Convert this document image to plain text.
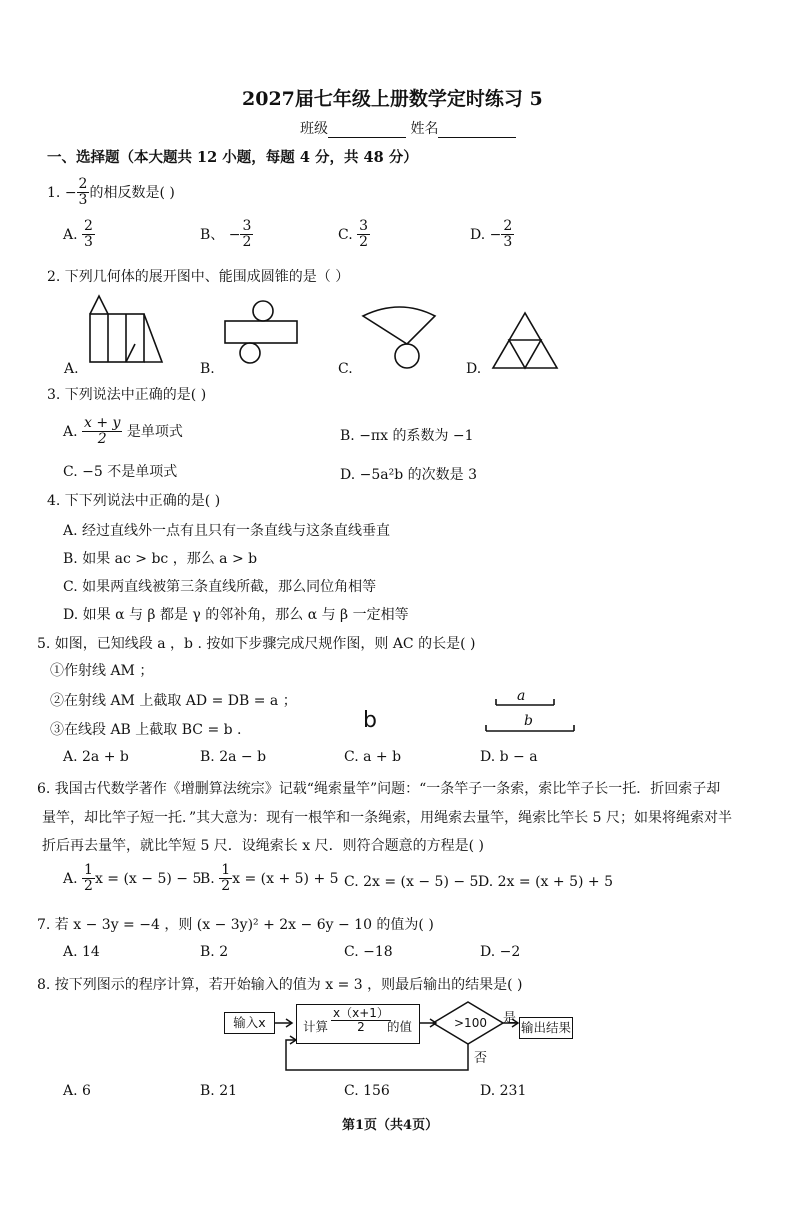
2027届七年级上册数学定时练习 5
班级	姓名
一、选择题（本大题共 12 小题，每题 4 分，共 48 分）
1. − $\frac{2}{3}$ 的相反数是( )
A. $\frac{2}{3}$	B、 − $\frac{3}{2}$	C. $\frac{3}{2}$	D. − $\frac{2}{3}$
2. 下列几何体的展开图中、能围成圆锥的是（ ）
A.	B.	C.	D.
3. 下列说法中正确的是( )
A. $\frac{x + y}{2}$ 是单项式	B. −πx 的系数为 −1
C. −5 不是单项式	D. −5a²b 的次数是 3
4. 下下列说法中正确的是( )
A. 经过直线外一点有且只有一条直线与这条直线垂直
B. 如果 ac > bc ，那么 a > b
C. 如果两直线被第三条直线所截，那么同位角相等
D. 如果 α 与 β 都是 γ 的邻补角，那么 α 与 β 一定相等
5. 如图，已知线段 a ，b . 按如下步骤完成尺规作图，则 AC 的长是( )
①作射线 AM ；
②在射线 AM 上截取 AD = DB = a ；
③在线段 AB 上截取 BC = b .	b
a
b
A. 2a + b	B. 2a − b	C. a + b	D. b − a
6. 我国古代数学著作《增删算法统宗》记载“绳索量竿”问题：“一条竿子一条索，索比竿子长一托．折回索子却
量竿，却比竿子短一托．”其大意为：现有一根竿和一条绳索，用绳索去量竿，绳索比竿长 5 尺；如果将绳索对半
折后再去量竿，就比竿短 5 尺．设绳索长 x 尺．则符合题意的方程是( )
A. $\frac{1}{2}$ x = (x − 5) − 5
B. $\frac{1}{2}$ x = (x + 5) + 5 C. 2x = (x − 5) − 5 D. 2x = (x + 5) + 5
7. 若 x − 3y = −4 ，则 (x − 3y)² + 2x − 6y − 10 的值为( )
A. 14	B. 2	C. −18	D. −2
8. 按下列图示的程序计算，若开始输入的值为 x = 3 ，则最后输出的结果是( )
输入x	计算 $\frac{x(x+1)}{2}$
的值	>100 是
否
输出结果
A. 6	B. 21	C. 156	D. 231
第1页（共4页）
